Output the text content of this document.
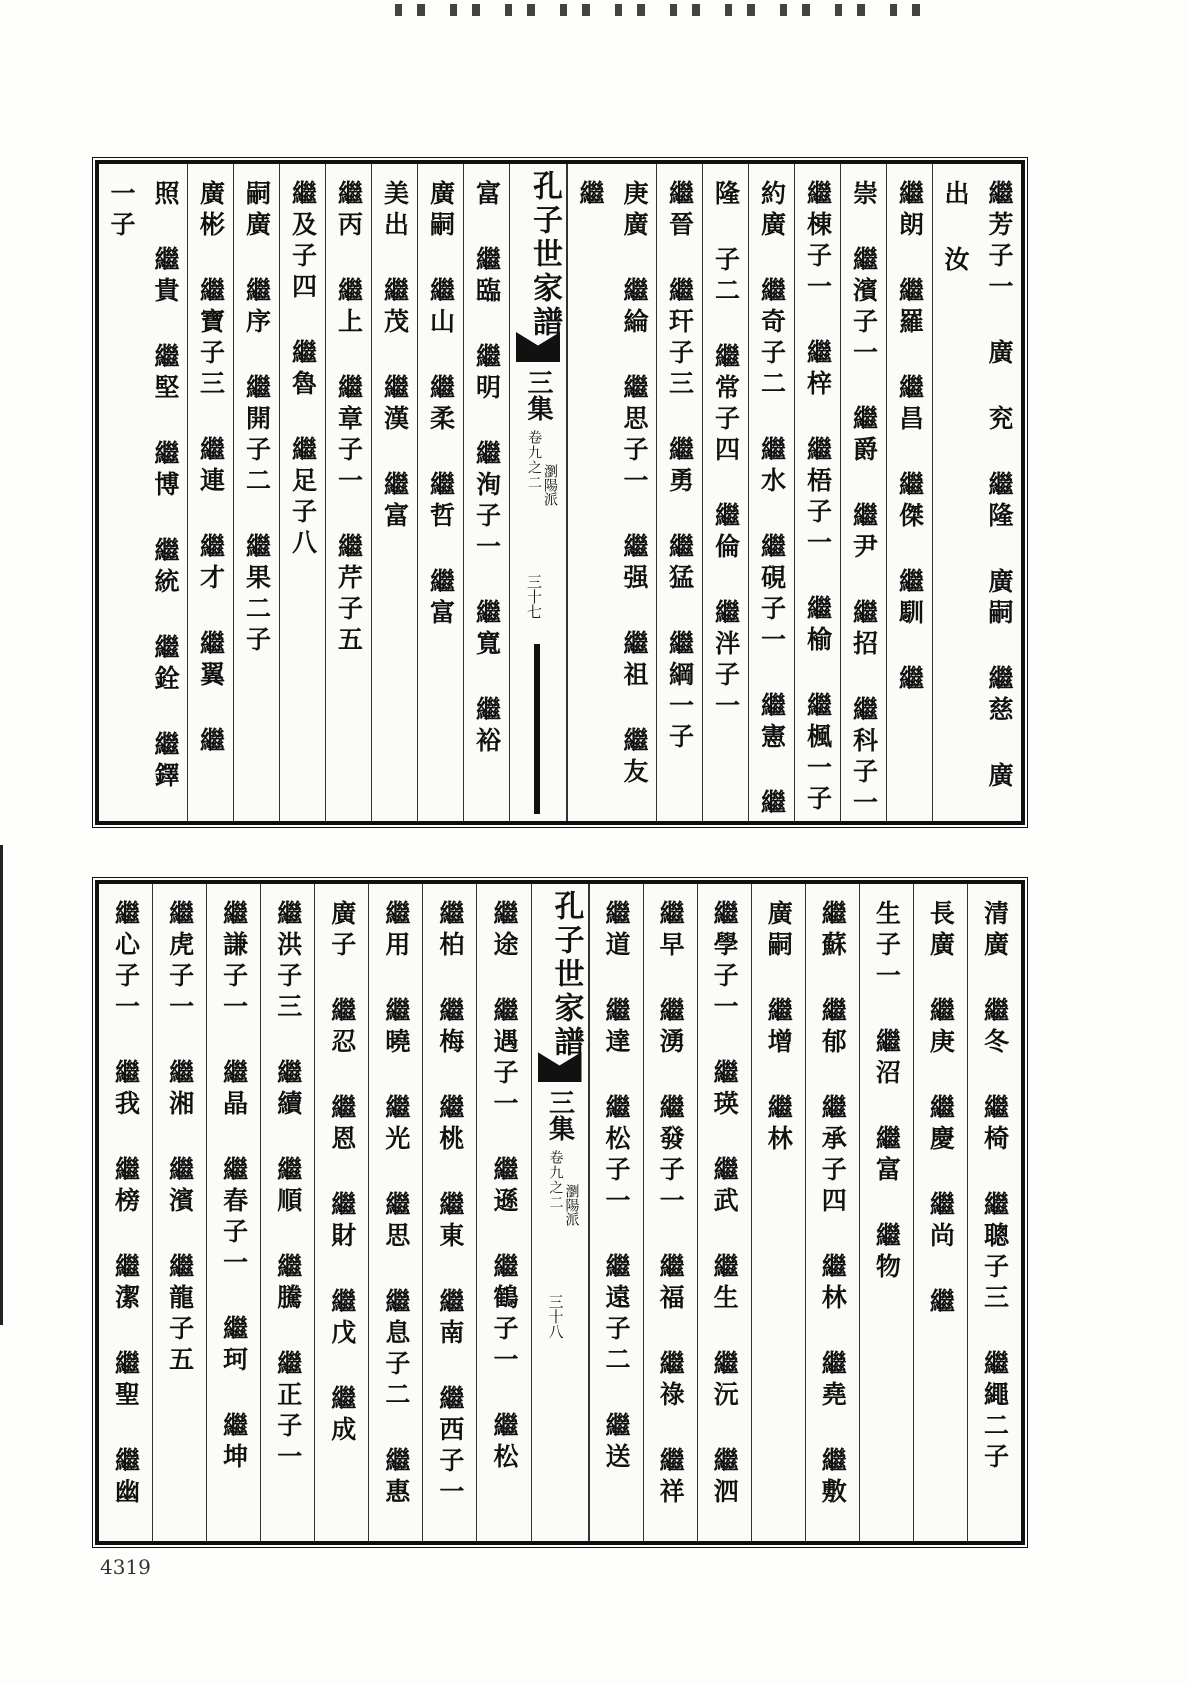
繼芳子一 廣 兖 繼隆 廣嗣 繼慈 廣出 汝
繼朗 繼羅 繼昌 繼傑 繼馴 繼
崇 繼濱子一 繼爵 繼尹 繼招 繼科子一
繼棟子一 繼梓 繼梧子一 繼榆 繼楓一子
約廣 繼奇子二 繼水 繼硯子一 繼憲 繼
隆 子二 繼常子四 繼倫 繼泮子一
繼晉 繼玕子三 繼勇 繼猛 繼綱一子
庚廣 繼綸 繼思子一 繼强 繼祖 繼友 繼
孔子世家譜
三集
卷九之二 瀏陽派
三十七
富 繼臨 繼明 繼洵子一 繼寬 繼裕
廣嗣 繼山 繼柔 繼哲 繼富
美出 繼茂 繼漢 繼富
繼丙 繼上 繼章子一 繼芹子五
繼及子四 繼魯 繼足子八
嗣廣 繼序 繼開子二 繼果二子
廣彬 繼寶子三 繼連 繼才 繼翼 繼
照 繼貴 繼堅 繼博 繼統 繼銓 繼鐸一子
清廣 繼冬 繼椅 繼聰子三 繼繩二子
長廣 繼庚 繼慶 繼尚 繼
生子一 繼沼 繼富 繼物
繼蘇 繼郁 繼承子四 繼林 繼堯 繼敷
廣嗣 繼增 繼林
繼學子一 繼瑛 繼武 繼生 繼沅 繼泗
繼早 繼湧 繼發子一 繼福 繼祿 繼祥
繼道 繼達 繼松子一 繼遠子二 繼送
孔子世家譜
三集
卷九之二 瀏陽派
三十八
繼途 繼遇子一 繼遜 繼鶴子一 繼松
繼柏 繼梅 繼桃 繼東 繼南 繼西子一
繼用 繼曉 繼光 繼思 繼息子二 繼惠
廣子 繼忍 繼恩 繼財 繼戊 繼成
繼洪子三 繼續 繼順 繼騰 繼正子一
繼謙子一 繼晶 繼春子一 繼珂 繼坤
繼虎子一 繼湘 繼濱 繼龍子五
繼心子一 繼我 繼榜 繼潔 繼聖 繼幽
4319
